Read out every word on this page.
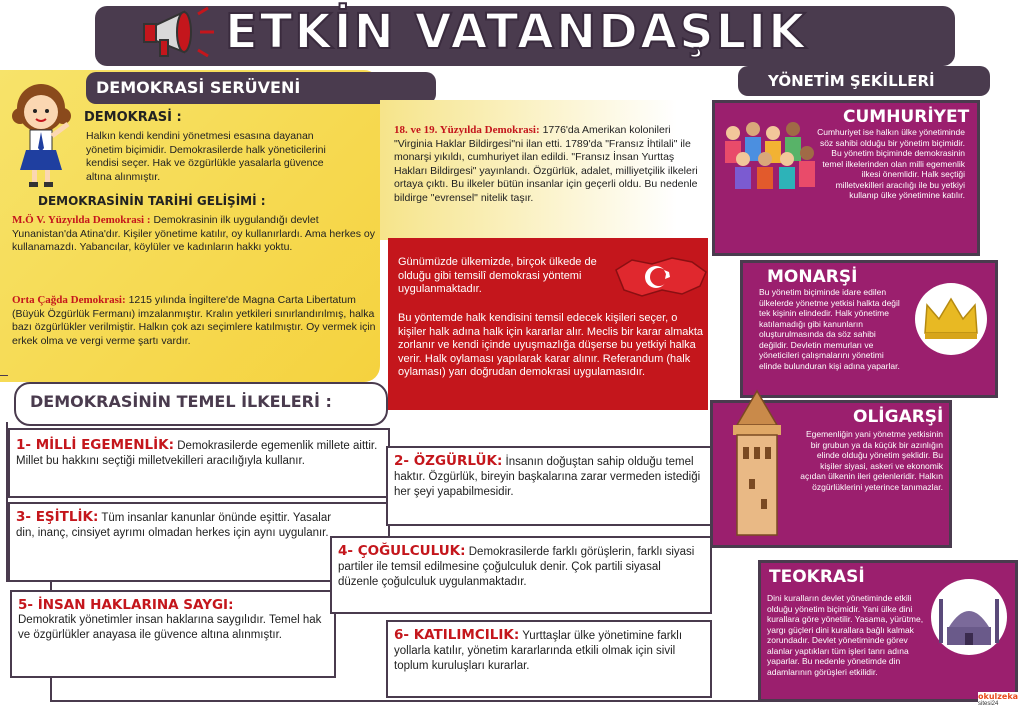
ETKİN VATANDAŞLIK
DEMOKRASİ SERÜVENİ
DEMOKRASİ :
Halkın kendi kendini yönetmesi esasına dayanan yönetim biçimidir. Demokrasilerde halk yöneticilerini kendisi seçer. Hak ve özgürlükle yasalarla güvence altına alınmıştır.
DEMOKRASİNİN TARİHİ GELİŞİMİ :
M.Ö V. Yüzyılda Demokrasi : Demokrasinin ilk uygulandığı devlet Yunanistan'da Atina'dır. Kişiler yönetime katılır, oy kullanırlardı. Ama herkes oy kullanamazdı. Yabancılar, köylüler ve kadınların hakkı yoktu.
Orta Çağda Demokrasi: 1215 yılında İngiltere'de Magna Carta Libertatum (Büyük Özgürlük Fermanı) imzalanmıştır. Kralın yetkileri sınırlandırılmış, halka bazı özgürlükler verilmiştir. Halkın çok azı seçimlere katılmıştır. Oy vermek için erkek olma ve vergi verme şartı vardır.
18. ve 19. Yüzyılda Demokrasi: 1776'da Amerikan kolonileri "Virginia Haklar Bildirgesi"ni ilan etti. 1789'da "Fransız İhtilali" ile monarşi yıkıldı, cumhuriyet ilan edildi. "Fransız İnsan Yurttaş Hakları Bildirgesi" yayınlandı. Özgürlük, adalet, milliyetçilik ilkeleri ortaya çıktı. Bu ilkeler bütün insanlar için geçerli oldu. Bu nedenle bildirge "evrensel" nitelik taşır.
Günümüzde ülkemizde, birçok ülkede de olduğu gibi temsilî demokrasi yöntemi uygulanmaktadır.
Bu yöntemde halk kendisini temsil edecek kişileri seçer, o kişiler halk adına halk için kararlar alır. Meclis bir karar almakta zorlanır ve kendi içinde uyuşmazlığa düşerse bu yetkiyi halka verir. Halk oylaması yapılarak karar alınır. Referandum (halk oylaması) yarı doğrudan demokrasi uygulamasıdır.
DEMOKRASİNİN TEMEL İLKELERİ :
1- MİLLİ EGEMENLİK: Demokrasilerde egemenlik millete aittir. Millet bu hakkını seçtiği milletvekilleri aracılığıyla kullanır.
3- EŞİTLİK: Tüm insanlar kanunlar önünde eşittir. Yasalar din, inanç, cinsiyet ayrımı olmadan herkes için aynı uygulanır.
5- İNSAN HAKLARINA SAYGI:
Demokratik yönetimler insan haklarına saygılıdır. Temel hak ve özgürlükler anayasa ile güvence altına alınmıştır.
2- ÖZGÜRLÜK: İnsanın doğuştan sahip olduğu temel haktır. Özgürlük, bireyin başkalarına zarar vermeden istediği her şeyi yapabilmesidir.
4- ÇOĞULCULUK: Demokrasilerde farklı görüşlerin, farklı siyasi partiler ile temsil edilmesine çoğulculuk denir. Çok partili siyasal düzenle çoğulculuk uygulanmaktadır.
6- KATILIMCILIK: Yurttaşlar ülke yönetimine farklı yollarla katılır, yönetim kararlarında etkili olmak için sivil toplum kuruluşları kurarlar.
YÖNETİM ŞEKİLLERİ
CUMHURİYET
Cumhuriyet ise halkın ülke yönetiminde söz sahibi olduğu bir yönetim biçimidir. Bu yönetim biçiminde demokrasinin temel ilkelerinden olan milli egemenlik ilkesi önemlidir. Halk seçtiği milletvekilleri aracılığı ile bu yetkiyi kullanıp ülke yönetimine katılır.
MONARŞİ
Bu yönetim biçiminde idare edilen ülkelerde yönetme yetkisi halkta değil tek kişinin elindedir. Halk yönetime katılamadığı gibi kanunların oluşturulmasında da söz sahibi değildir. Devletin memurları ve yöneticileri çalışmalarını yönetimi elinde bulunduran kişi adına yaparlar.
OLİGARŞİ
Egemenliğin yani yönetme yetkisinin bir grubun ya da küçük bir azınlığın elinde olduğu yönetim şeklidir. Bu kişiler siyasi, askeri ve ekonomik açıdan ülkenin ileri gelenleridir. Halkın özgürlüklerini yeterince tanımazlar.
TEOKRASİ
Dini kuralların devlet yönetiminde etkili olduğu yönetim biçimidir. Yani ülke dini kurallara göre yönetilir. Yasama, yürütme, yargı güçleri dini kurallara bağlı kalmak zorundadır. Devlet yönetiminde görev alanlar yaptıkları tüm işleri tanrı adına yaparlar. Bu nedenle yönetimde din adamlarının görüşleri etkilidir.
okulzeka
sitesi24
